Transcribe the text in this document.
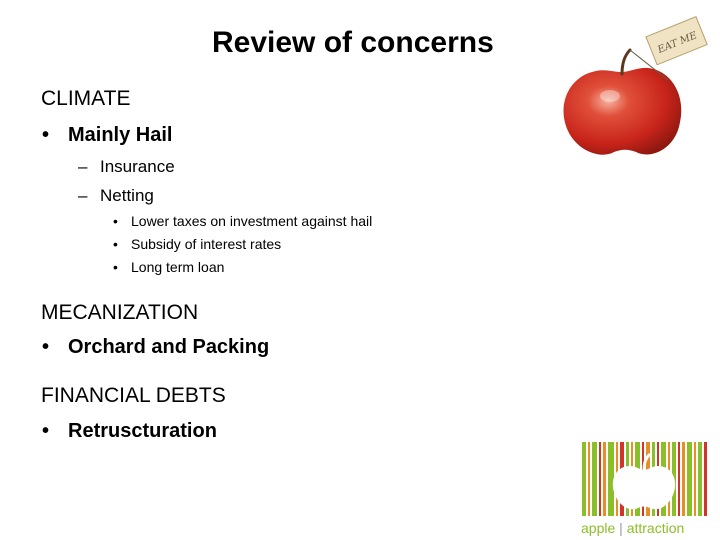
Review of concerns
CLIMATE
• Mainly Hail
– Insurance
– Netting
• Lower taxes on investment against hail
• Subsidy of interest rates
• Long term loan
MECANIZATION
• Orchard and Packing
FINANCIAL DEBTS
• Retruscturation
EAT ME
apple | attraction
